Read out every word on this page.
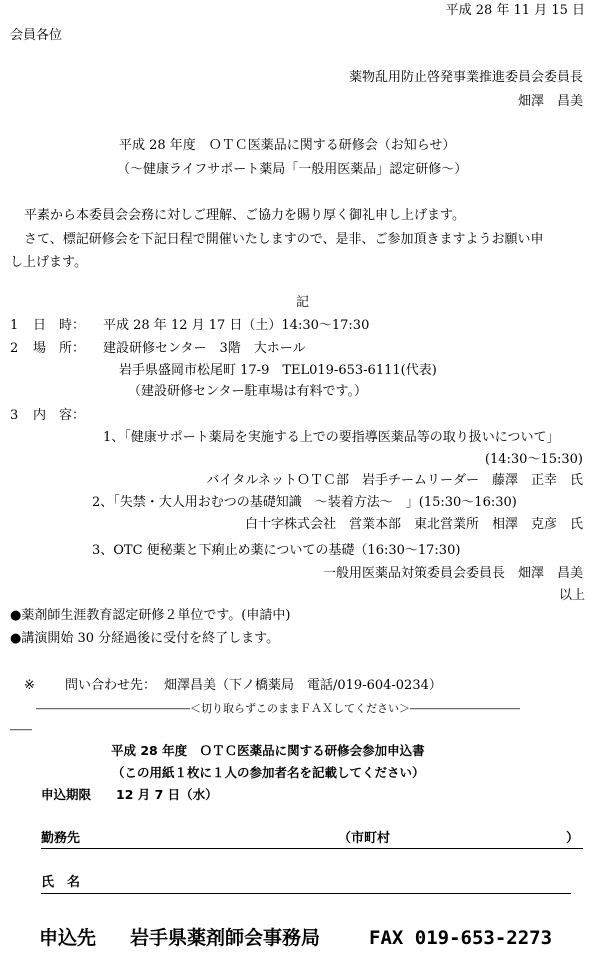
平成 28 年 11 月 15 日
会員各位
薬物乱用防止啓発事業推進委員会委員長
畑澤　昌美
平成 28 年度　ＯＴＣ医薬品に関する研修会（お知らせ）
（～健康ライフサポート薬局「一般用医薬品」認定研修～）
平素から本委員会会務に対しご理解、ご協力を賜り厚く御礼申し上げます。
さて、標記研修会を下記日程で開催いたしますので、是非、ご参加頂きますようお願い申
し上げます。
記
1 日　時： 平成 28 年 12 月 17 日（土）14:30～17:30
2 場　所： 建設研修センター　3階　大ホール
岩手県盛岡市松尾町 17-9　TEL019-653-6111(代表)
（建設研修センター駐車場は有料です。）
3 内　容：
1、「健康サポート薬局を実施する上での要指導医薬品等の取り扱いについて」
(14:30～15:30)
バイタルネットＯＴＣ部　岩手チームリーダー　藤澤　正幸　氏
2、「失禁・大人用おむつの基礎知識　～装着方法～　」(15:30～16:30)
白十字株式会社　営業本部　東北営業所　相澤　克彦　氏
3、OTC 便秘薬と下痢止め薬についての基礎（16:30～17:30)
一般用医薬品対策委員会委員長　畑澤　昌美
以上
●薬剤師生涯教育認定研修２単位です。(申請中)
●講演開始 30 分経過後に受付を終了します。
※ 問い合わせ先： 畑澤昌美（下ノ橋薬局　電話/019-604-0234）
――――――――――――――＜切り取らずこのままＦＡＸしてください＞――――――――――
――
平成 28 年度　ＯＴＣ医薬品に関する研修会参加申込書
（この用紙１枚に１人の参加者名を記載してください）
申込期限 12 月 7 日（水）
勤務先	（市町村	）
氏　名
申込先 岩手県薬剤師会事務局	FAX 019-653-2273
